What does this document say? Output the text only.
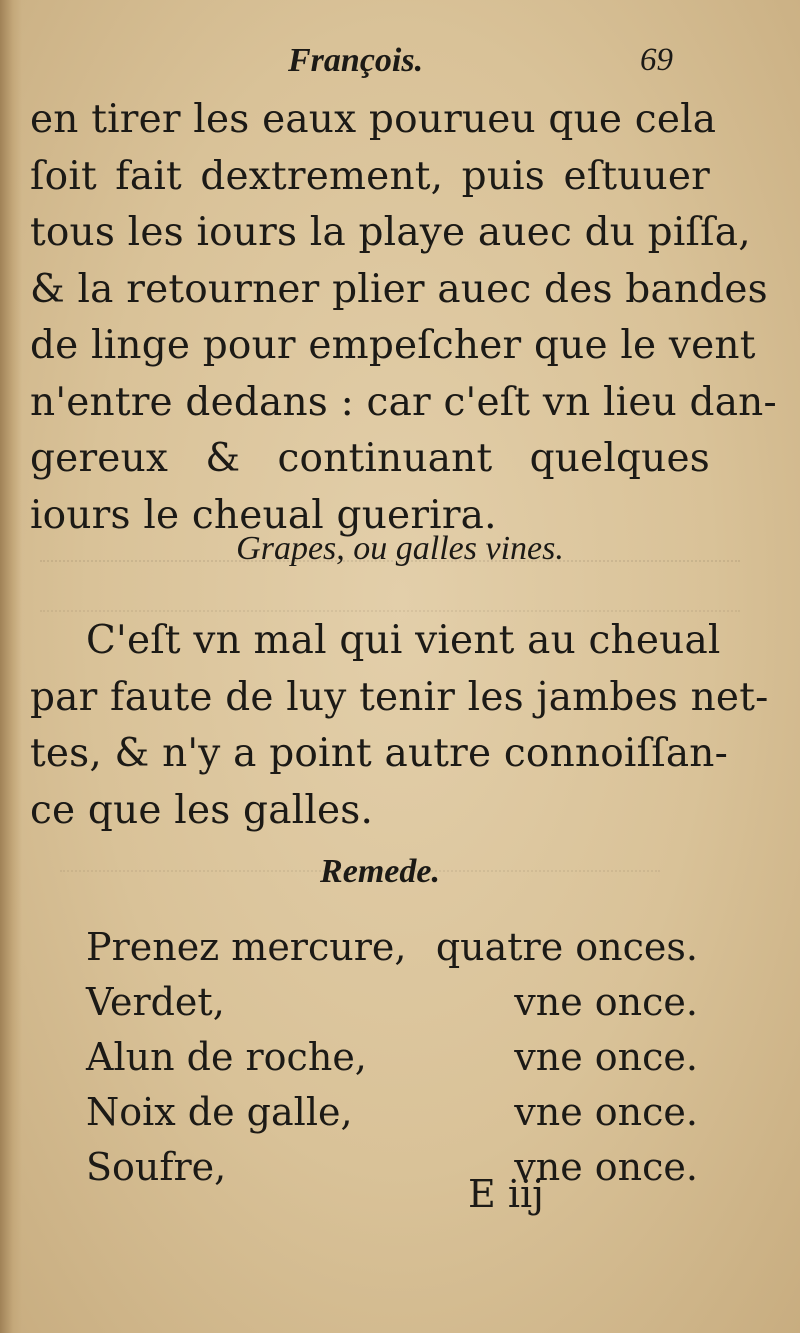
François.	69
en tirer les eaux pourueu que cela
ſoit fait dextrement, puis eſtuuer
tous les iours la playe auec du piſſa,
& la retourner plier auec des bandes
de linge pour empeſcher que le vent
n'entre dedans : car c'eſt vn lieu dan-
gereux & continuant quelques
iours le cheual guerira.
Grapes, ou galles vines.
C'eſt vn mal qui vient au cheual
par faute de luy tenir les jambes net-
tes, & n'y a point autre connoiſſan-
ce que les galles.
Remede.
Prenez mercure, quatre onces.
Verdet,	vne once.
Alun de roche,	vne once.
Noix de galle,	vne once.
Soufre,	vne once.
E iij
